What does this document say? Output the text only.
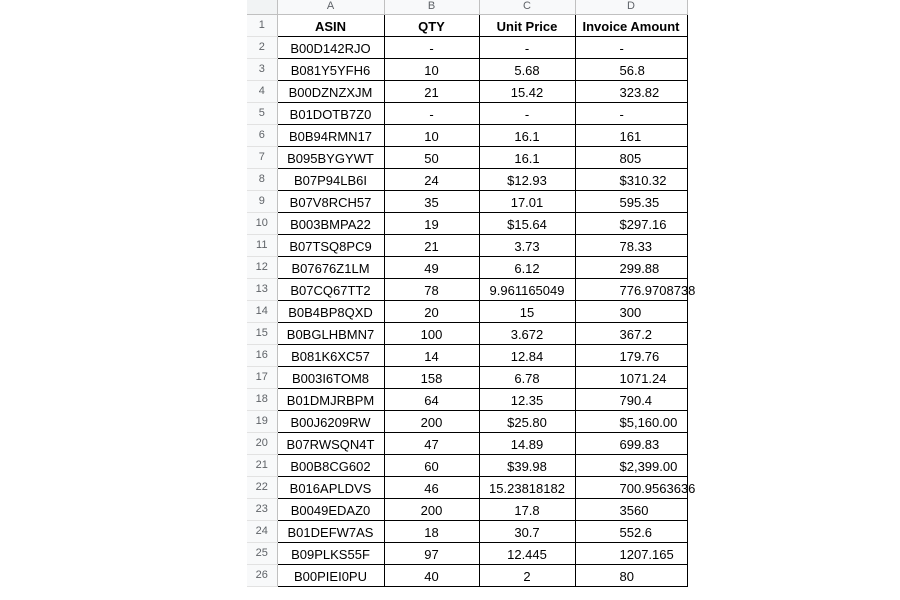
	A	B	C	D
1	ASIN	QTY	Unit Price	Invoice Amount
2	B00D142RJO	-	-	-
3	B081Y5YFH6	10	5.68	56.8
4	B00DZNZXJM	21	15.42	323.82
5	B01DOTB7Z0	-	-	-
6	B0B94RMN17	10	16.1	161
7	B095BYGYWT	50	16.1	805
8	B07P94LB6I	24	$12.93	$310.32
9	B07V8RCH57	35	17.01	595.35
10	B003BMPA22	19	$15.64	$297.16
11	B07TSQ8PC9	21	3.73	78.33
12	B07676Z1LM	49	6.12	299.88
13	B07CQ67TT2	78	9.961165049	776.9708738
14	B0B4BP8QXD	20	15	300
15	B0BGLHBMN7	100	3.672	367.2
16	B081K6XC57	14	12.84	179.76
17	B003I6TOM8	158	6.78	1071.24
18	B01DMJRBPM	64	12.35	790.4
19	B00J6209RW	200	$25.80	$5,160.00
20	B07RWSQN4T	47	14.89	699.83
21	B00B8CG602	60	$39.98	$2,399.00
22	B016APLDVS	46	15.23818182	700.9563636
23	B0049EDAZ0	200	17.8	3560
24	B01DEFW7AS	18	30.7	552.6
25	B09PLKS55F	97	12.445	1207.165
26	B00PIEI0PU	40	2	80
